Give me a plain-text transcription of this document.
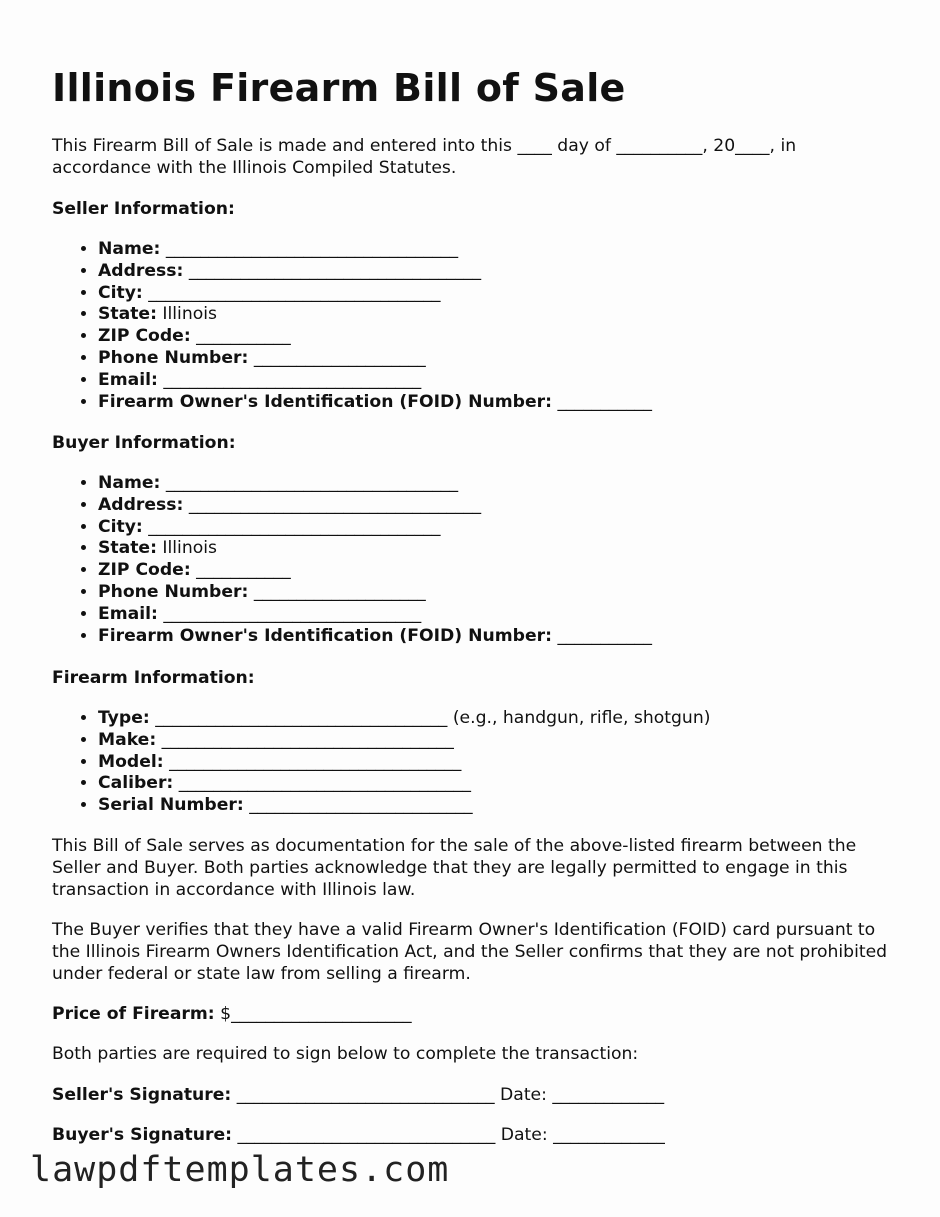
Illinois Firearm Bill of Sale

This Firearm Bill of Sale is made and entered into this ____ day of __________, 20____, in accordance with the Illinois Compiled Statutes.

Seller Information:

• Name: __________________________________
• Address: __________________________________
• City: __________________________________
• State: Illinois
• ZIP Code: ___________
• Phone Number: ____________________
• Email: ______________________________
• Firearm Owner's Identification (FOID) Number: ___________

Buyer Information:

• Name: __________________________________
• Address: __________________________________
• City: __________________________________
• State: Illinois
• ZIP Code: ___________
• Phone Number: ____________________
• Email: ______________________________
• Firearm Owner's Identification (FOID) Number: ___________

Firearm Information:

• Type: __________________________________ (e.g., handgun, rifle, shotgun)
• Make: __________________________________
• Model: __________________________________
• Caliber: __________________________________
• Serial Number: __________________________

This Bill of Sale serves as documentation for the sale of the above-listed firearm between the Seller and Buyer. Both parties acknowledge that they are legally permitted to engage in this transaction in accordance with Illinois law.

The Buyer verifies that they have a valid Firearm Owner's Identification (FOID) card pursuant to the Illinois Firearm Owners Identification Act, and the Seller confirms that they are not prohibited under federal or state law from selling a firearm.

Price of Firearm: $_____________________

Both parties are required to sign below to complete the transaction:

Seller's Signature: ______________________________ Date: _____________

Buyer's Signature: ______________________________ Date: _____________

lawpdftemplates.com
